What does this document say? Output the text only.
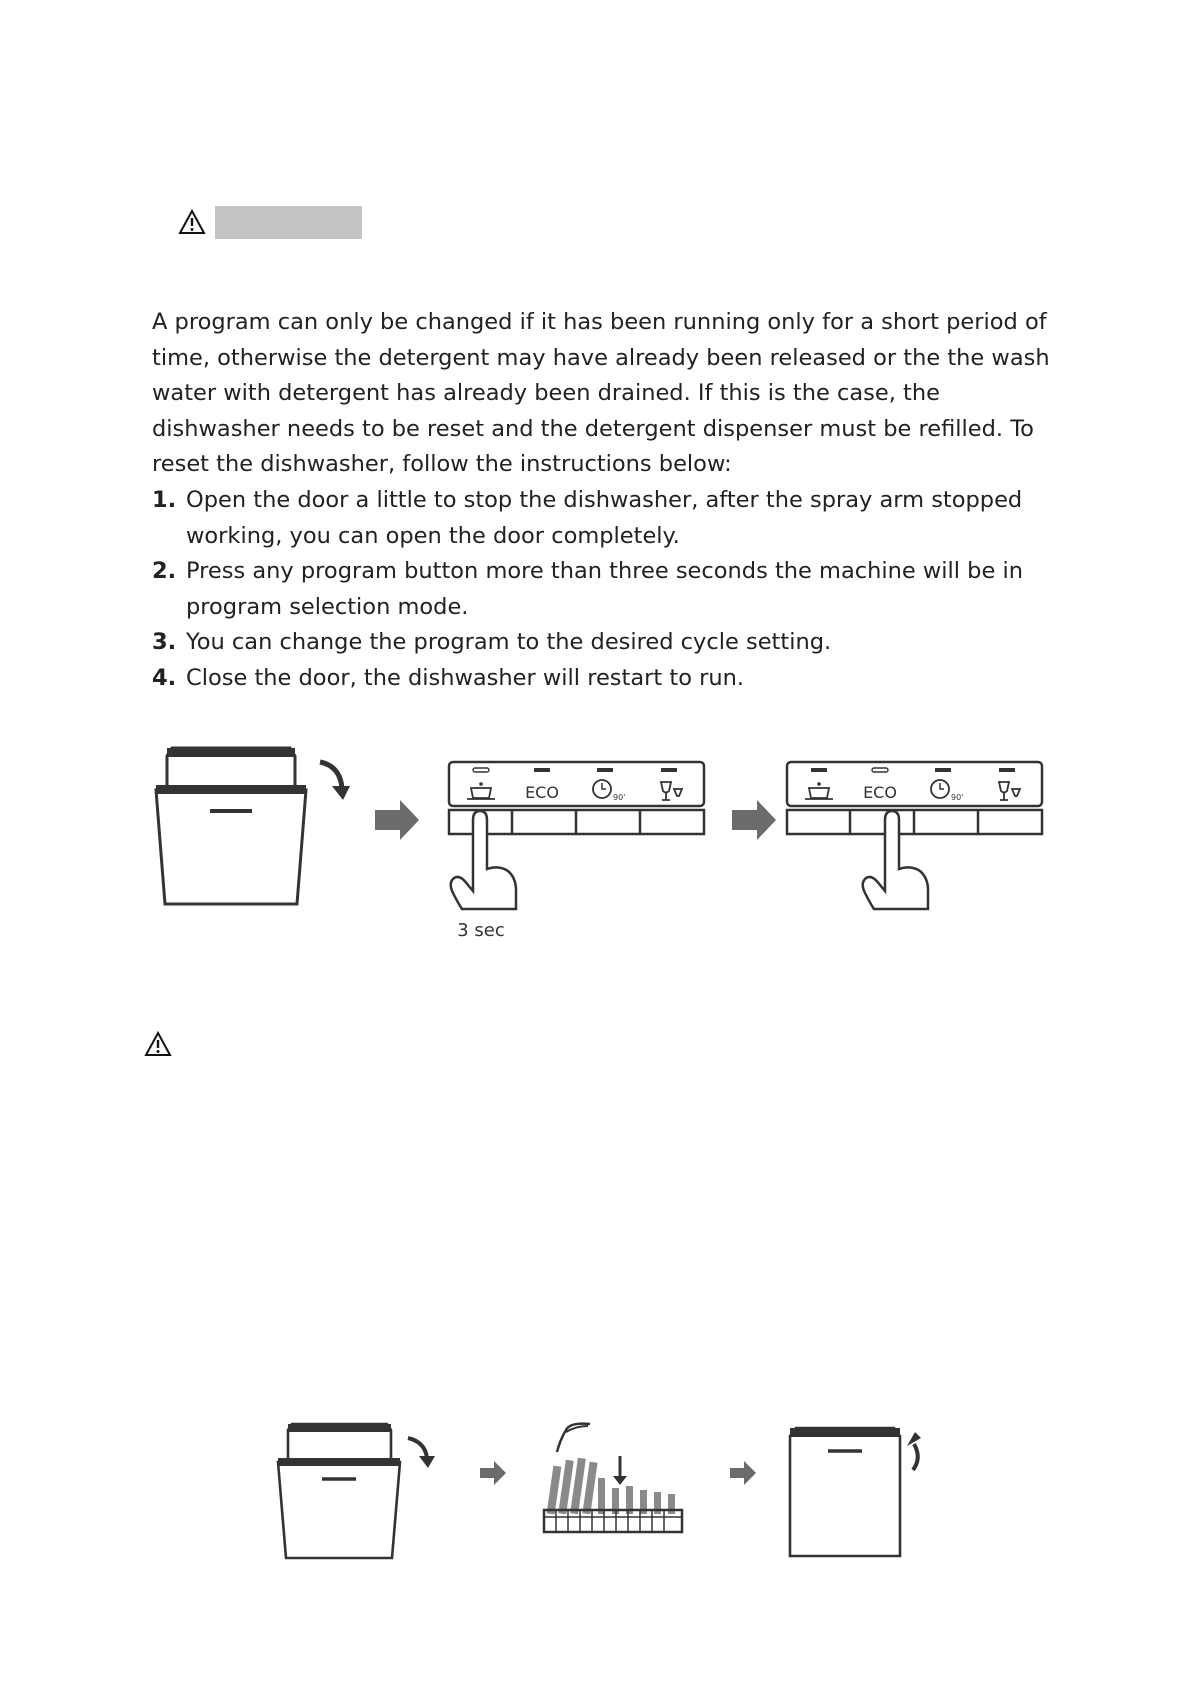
A program can only be changed if it has been running only for a short period of time, otherwise the detergent may have already been released or the the wash water with detergent has already been drained. If this is the case, the dishwasher needs to be reset and the detergent dispenser must be refilled. To reset the dishwasher, follow the instructions below:

1. Open the door a little to stop the dishwasher, after the spray arm stopped working, you can open the door completely.
2. Press any program button more than three seconds the machine will be in program selection mode.
3. You can change the program to the desired cycle setting.
4. Close the door, the dishwasher will restart to run.
ECO	90'
3 sec
ECO	90'
